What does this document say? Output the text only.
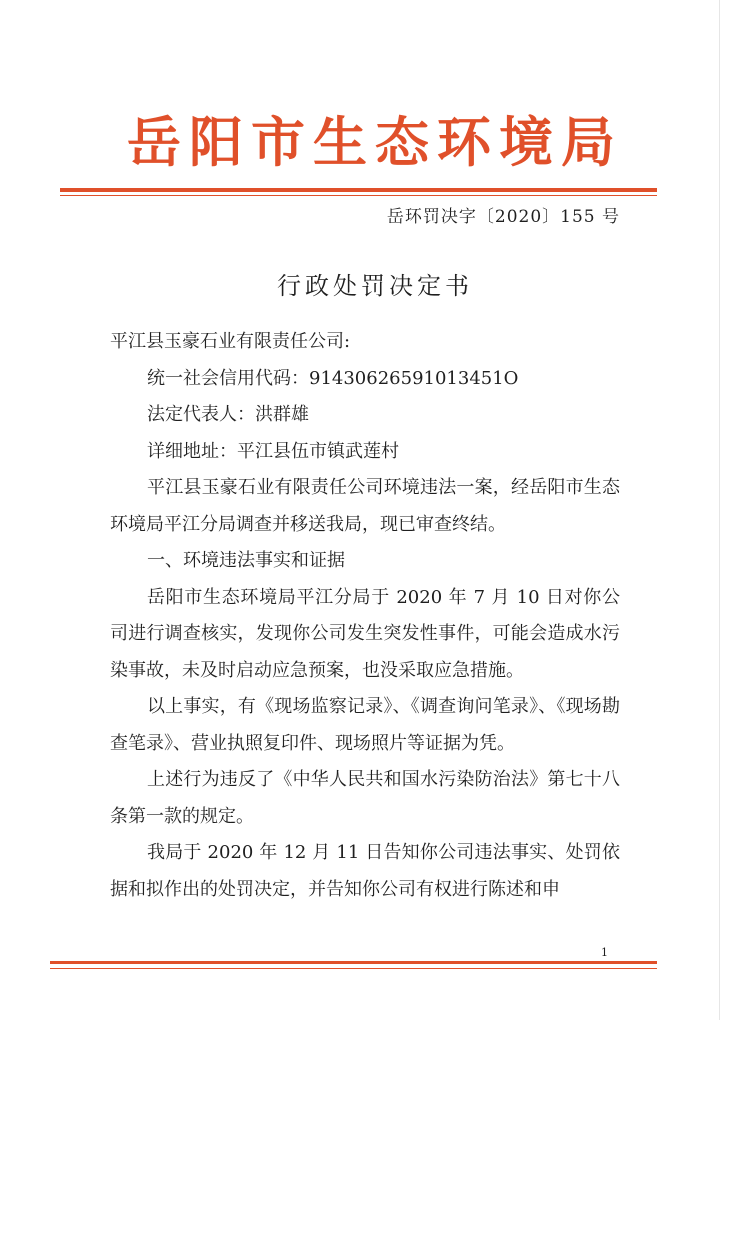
岳阳市生态环境局
岳环罚决字〔2020〕155 号
行政处罚决定书

平江县玉豪石业有限责任公司:

统一社会信用代码：91430626591013451O

法定代表人：洪群雄

详细地址：平江县伍市镇武莲村

平江县玉豪石业有限责任公司环境违法一案，经岳阳市生态环境局平江分局调查并移送我局，现已审查终结。

一、环境违法事实和证据

岳阳市生态环境局平江分局于 2020 年 7 月 10 日对你公司进行调查核实，发现你公司发生突发性事件，可能会造成水污染事故，未及时启动应急预案，也没采取应急措施。

以上事实，有《现场监察记录》、《调查询问笔录》、《现场勘查笔录》、营业执照复印件、现场照片等证据为凭。

上述行为违反了《中华人民共和国水污染防治法》第七十八条第一款的规定。

我局于 2020 年 12 月 11 日告知你公司违法事实、处罚依据和拟作出的处罚决定，并告知你公司有权进行陈述和申

1
